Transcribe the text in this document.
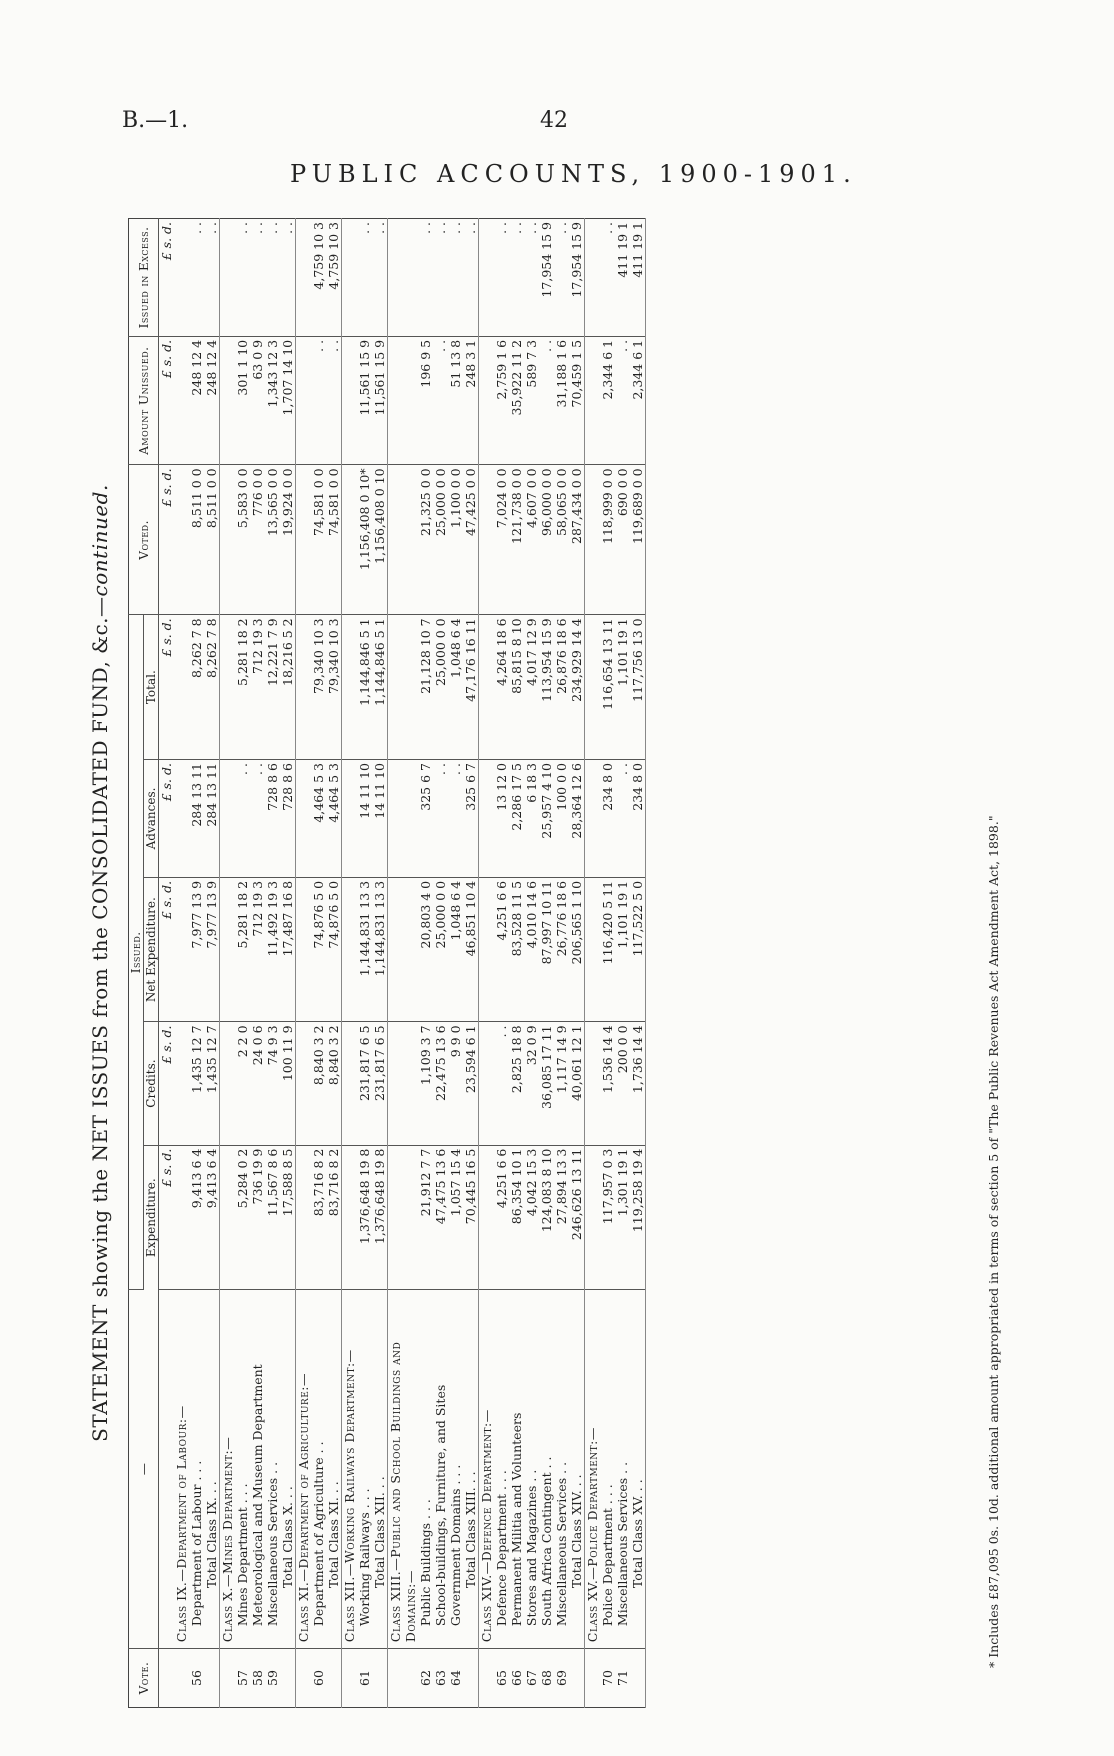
B.—1.	42
PUBLIC ACCOUNTS, 1900-1901.
STATEMENT showing the NET ISSUES from the CONSOLIDATED FUND, &c.—continued.
Vote.	—	Issued.					Voted.	Amount Unissued.	Issued in Excess.
		Expenditure.	Credits.	Net Expenditure.	Advances.	Total.			
		£ s. d.	£ s. d.	£ s. d.	£ s. d.	£ s. d.	£ s. d.	£ s. d.	£ s. d.
	Class IX.—Department of Labour:—								
56	Department of Labour . . .	9,413 6 4	1,435 12 7	7,977 13 9	284 13 11	8,262 7 8	8,511 0 0	248 12 4	. .
	Total Class IX. . .	9,413 6 4	1,435 12 7	7,977 13 9	284 13 11	8,262 7 8	8,511 0 0	248 12 4	. .
	Class X.—Mines Department:—								
57	Mines Department . . .	5,284 0 2	2 2 0	5,281 18 2	. .	5,281 18 2	5,583 0 0	301 1 10	. .
58	Meteorological and Museum Department	736 19 9	24 0 6	712 19 3	. .	712 19 3	776 0 0	63 0 9	. .
59	Miscellaneous Services . .	11,567 8 6	74 9 3	11,492 19 3	728 8 6	12,221 7 9	13,565 0 0	1,343 12 3	. .
	Total Class X. . .	17,588 8 5	100 11 9	17,487 16 8	728 8 6	18,216 5 2	19,924 0 0	1,707 14 10	. .
	Class XI.—Department of Agriculture:—								
60	Department of Agriculture . .	83,716 8 2	8,840 3 2	74,876 5 0	4,464 5 3	79,340 10 3	74,581 0 0	. .	4,759 10 3
	Total Class XI. . .	83,716 8 2	8,840 3 2	74,876 5 0	4,464 5 3	79,340 10 3	74,581 0 0	. .	4,759 10 3
	Class XII.—Working Railways Department:—								
61	Working Railways . . .	1,376,648 19 8	231,817 6 5	1,144,831 13 3	14 11 10	1,144,846 5 1	1,156,408 0 10*	11,561 15 9	. .
	Total Class XII. . .	1,376,648 19 8	231,817 6 5	1,144,831 13 3	14 11 10	1,144,846 5 1	1,156,408 0 10	11,561 15 9	. .
	Class XIII.—Public and School Buildings and								
	Domains:—								
62	Public Buildings . . .	21,912 7 7	1,109 3 7	20,803 4 0	325 6 7	21,128 10 7	21,325 0 0	196 9 5	. .
63	School-buildings, Furniture, and Sites	47,475 13 6	22,475 13 6	25,000 0 0	. .	25,000 0 0	25,000 0 0	. .	. .
64	Government Domains . . .	1,057 15 4	9 9 0	1,048 6 4	. .	1,048 6 4	1,100 0 0	51 13 8	. .
	Total Class XIII. . .	70,445 16 5	23,594 6 1	46,851 10 4	325 6 7	47,176 16 11	47,425 0 0	248 3 1	. .
	Class XIV.—Defence Department:—								
65	Defence Department . . .	4,251 6 6	. .	4,251 6 6	13 12 0	4,264 18 6	7,024 0 0	2,759 1 6	. .
66	Permanent Militia and Volunteers	86,354 10 1	2,825 18 8	83,528 11 5	2,286 17 5	85,815 8 10	121,738 0 0	35,922 11 2	. .
67	Stores and Magazines . .	4,042 15 3	32 0 9	4,010 14 6	6 18 3	4,017 12 9	4,607 0 0	589 7 3	. .
68	South Africa Contingent . .	124,083 8 10	36,085 17 11	87,997 10 11	25,957 4 10	113,954 15 9	96,000 0 0	. .	17,954 15 9
69	Miscellaneous Services . .	27,894 13 3	1,117 14 9	26,776 18 6	100 0 0	26,876 18 6	58,065 0 0	31,188 1 6	. .
	Total Class XIV. . .	246,626 13 11	40,061 12 1	206,565 1 10	28,364 12 6	234,929 14 4	287,434 0 0	70,459 1 5	17,954 15 9
	Class XV.—Police Department:—								
70	Police Department . . .	117,957 0 3	1,536 14 4	116,420 5 11	234 8 0	116,654 13 11	118,999 0 0	2,344 6 1	. .
71	Miscellaneous Services . .	1,301 19 1	200 0 0	1,101 19 1	. .	1,101 19 1	690 0 0	. .	411 19 1
	Total Class XV. . .	119,258 19 4	1,736 14 4	117,522 5 0	234 8 0	117,756 13 0	119,689 0 0	2,344 6 1	411 19 1
* Includes £87,095 0s. 10d. additional amount appropriated in terms of section 5 of "The Public Revenues Act Amendment Act, 1898."
